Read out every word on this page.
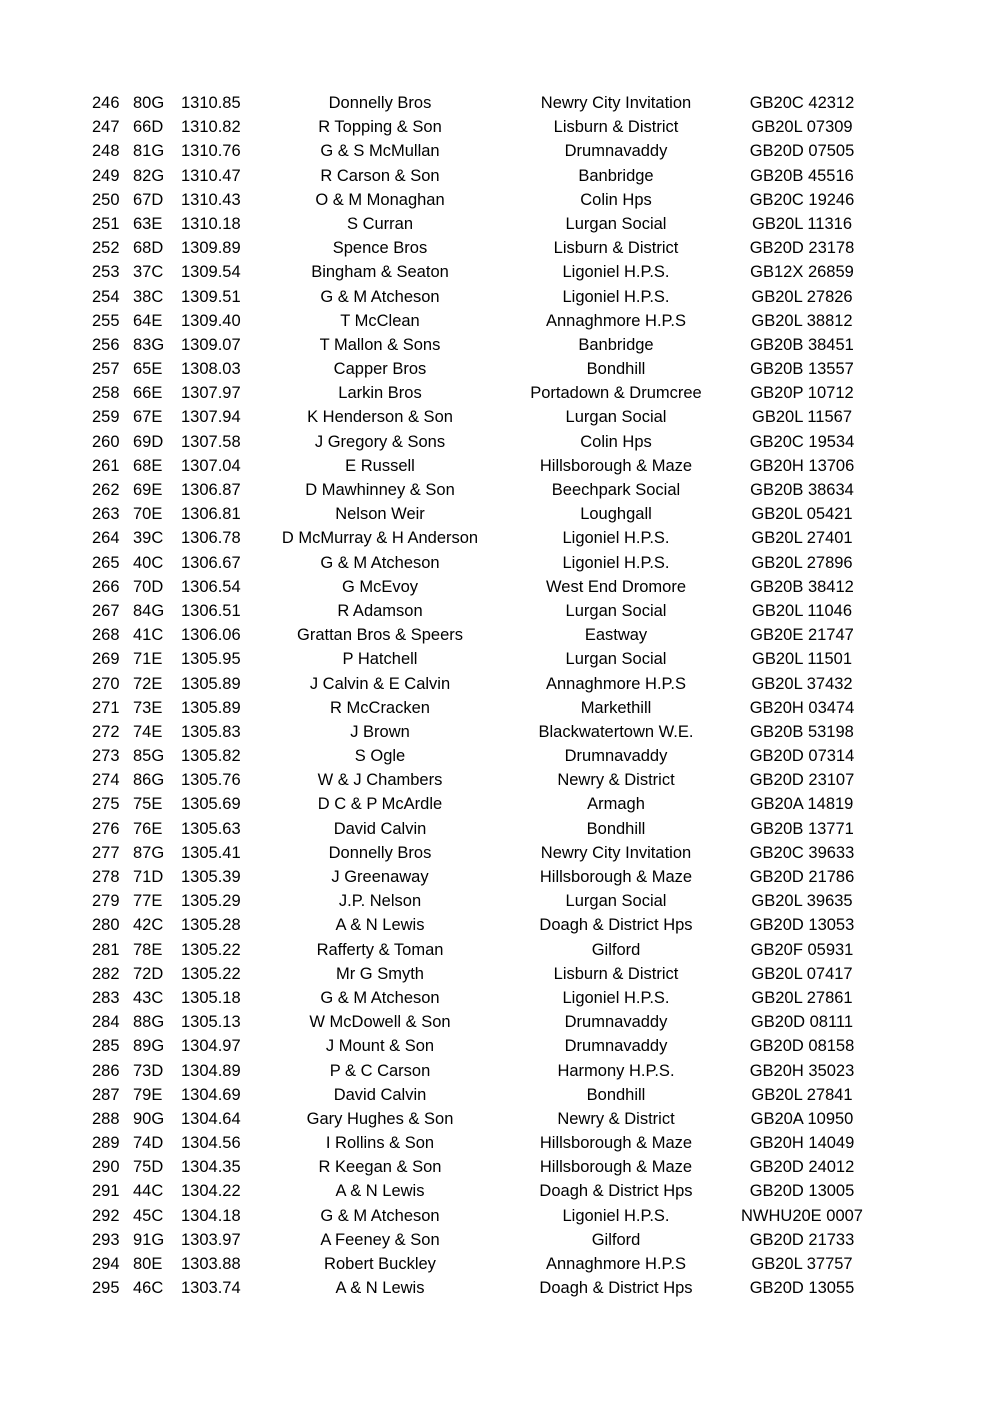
246 80G	1310.85	Donnelly Bros	Newry City Invitation	GB20C 42312
247 66D	1310.82	R Topping & Son	Lisburn & District	GB20L 07309
248 81G	1310.76	G & S McMullan	Drumnavaddy	GB20D 07505
249 82G	1310.47	R Carson & Son	Banbridge	GB20B 45516
250 67D	1310.43	O & M Monaghan	Colin Hps	GB20C 19246
251 63E	1310.18	S Curran	Lurgan Social	GB20L 11316
252 68D	1309.89	Spence Bros	Lisburn & District	GB20D 23178
253 37C	1309.54	Bingham & Seaton	Ligoniel H.P.S.	GB12X 26859
254 38C	1309.51	G & M Atcheson	Ligoniel H.P.S.	GB20L 27826
255 64E	1309.40	T McClean	Annaghmore H.P.S	GB20L 38812
256 83G	1309.07	T Mallon & Sons	Banbridge	GB20B 38451
257 65E	1308.03	Capper Bros	Bondhill	GB20B 13557
258 66E	1307.97	Larkin Bros	Portadown & Drumcree	GB20P 10712
259 67E	1307.94	K Henderson & Son	Lurgan Social	GB20L 11567
260 69D	1307.58	J Gregory & Sons	Colin Hps	GB20C 19534
261 68E	1307.04	E Russell	Hillsborough & Maze	GB20H 13706
262 69E	1306.87	D Mawhinney & Son	Beechpark Social	GB20B 38634
263 70E	1306.81	Nelson Weir	Loughgall	GB20L 05421
264 39C	1306.78	D McMurray & H Anderson	Ligoniel H.P.S.	GB20L 27401
265 40C	1306.67	G & M Atcheson	Ligoniel H.P.S.	GB20L 27896
266 70D	1306.54	G McEvoy	West End Dromore	GB20B 38412
267 84G	1306.51	R Adamson	Lurgan Social	GB20L 11046
268 41C	1306.06	Grattan Bros & Speers	Eastway	GB20E 21747
269 71E	1305.95	P Hatchell	Lurgan Social	GB20L 11501
270 72E	1305.89	J Calvin & E Calvin	Annaghmore H.P.S	GB20L 37432
271 73E	1305.89	R McCracken	Markethill	GB20H 03474
272 74E	1305.83	J Brown	Blackwatertown W.E.	GB20B 53198
273 85G	1305.82	S Ogle	Drumnavaddy	GB20D 07314
274 86G	1305.76	W & J Chambers	Newry & District	GB20D 23107
275 75E	1305.69	D C & P McArdle	Armagh	GB20A 14819
276 76E	1305.63	David Calvin	Bondhill	GB20B 13771
277 87G	1305.41	Donnelly Bros	Newry City Invitation	GB20C 39633
278 71D	1305.39	J Greenaway	Hillsborough & Maze	GB20D 21786
279 77E	1305.29	J.P. Nelson	Lurgan Social	GB20L 39635
280 42C	1305.28	A & N Lewis	Doagh & District Hps	GB20D 13053
281 78E	1305.22	Rafferty & Toman	Gilford	GB20F 05931
282 72D	1305.22	Mr G Smyth	Lisburn & District	GB20L 07417
283 43C	1305.18	G & M Atcheson	Ligoniel H.P.S.	GB20L 27861
284 88G	1305.13	W McDowell & Son	Drumnavaddy	GB20D 08111
285 89G	1304.97	J Mount & Son	Drumnavaddy	GB20D 08158
286 73D	1304.89	P & C Carson	Harmony H.P.S.	GB20H 35023
287 79E	1304.69	David Calvin	Bondhill	GB20L 27841
288 90G	1304.64	Gary Hughes & Son	Newry & District	GB20A 10950
289 74D	1304.56	I Rollins & Son	Hillsborough & Maze	GB20H 14049
290 75D	1304.35	R Keegan & Son	Hillsborough & Maze	GB20D 24012
291 44C	1304.22	A & N Lewis	Doagh & District Hps	GB20D 13005
292 45C	1304.18	G & M Atcheson	Ligoniel H.P.S.	NWHU20E 0007
293 91G	1303.97	A Feeney & Son	Gilford	GB20D 21733
294 80E	1303.88	Robert Buckley	Annaghmore H.P.S	GB20L 37757
295 46C	1303.74	A & N Lewis	Doagh & District Hps	GB20D 13055
